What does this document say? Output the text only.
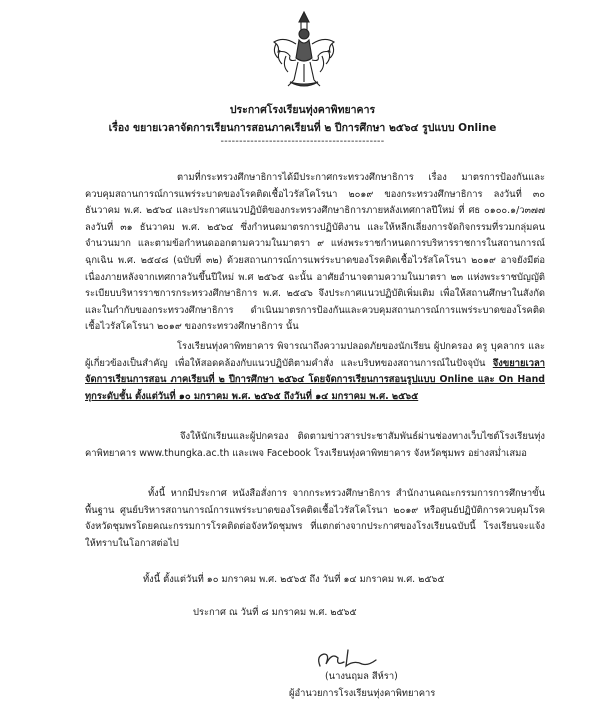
ประกาศโรงเรียนทุ่งคาพิทยาคาร
เรื่อง ขยายเวลาจัดการเรียนการสอนภาคเรียนที่ ๒ ปีการศึกษา ๒๕๖๔ รูปแบบ Online
--------------------------------------------
ตามที่กระทรวงศึกษาธิการได้มีประกาศกระทรวงศึกษาธิการ เรื่อง มาตรการป้องกันและควบคุมสถานการณ์การแพร่ระบาดของโรคติดเชื้อไวรัสโคโรนา ๒๐๑๙ ของกระทรวงศึกษาธิการ ลงวันที่ ๓๐ ธันวาคม พ.ศ. ๒๕๖๔ และประกาศแนวปฏิบัติของกระทรวงศึกษาธิการภายหลังเทศกาลปีใหม่ ที่ ศธ ๐๑๐๐.๑/ว๓๗๗ ลงวันที่ ๓๑ ธันวาคม พ.ศ. ๒๕๖๔ ซึ่งกำหนดมาตรการปฏิบัติงาน และให้หลีกเลี่ยงการจัดกิจกรรมที่รวมกลุ่มคนจำนวนมาก และตามข้อกำหนดออกตามความในมาตรา ๙ แห่งพระราชกำหนดการบริหารราชการในสถานการณ์ฉุกเฉิน พ.ศ. ๒๕๔๘ (ฉบับที่ ๓๒) ด้วยสถานการณ์การแพร่ระบาดของโรคติดเชื้อไวรัสโคโรนา ๒๐๑๙ อาจยังมีต่อเนื่องภายหลังจากเทศกาลวันขึ้นปีใหม่ พ.ศ ๒๕๖๕ ฉะนั้น อาศัยอำนาจตามความในมาตรา ๒๓ แห่งพระราชบัญญัติระเบียบบริหารราชการกระทรวงศึกษาธิการ พ.ศ. ๒๕๔๖ จึงประกาศแนวปฏิบัติเพิ่มเติม เพื่อให้สถานศึกษาในสังกัดและในกำกับของกระทรวงศึกษาธิการ ดำเนินมาตรการป้องกันและควบคุมสถานการณ์การแพร่ระบาดของโรคติดเชื้อไวรัสโคโรนา ๒๐๑๙ ของกระทรวงศึกษาธิการ นั้น
โรงเรียนทุ่งคาพิทยาคาร พิจารณาถึงความปลอดภัยของนักเรียน ผู้ปกครอง ครู บุคลากร และผู้เกี่ยวข้องเป็นสำคัญ เพื่อให้สอดคล้องกับแนวปฏิบัติตามคำสั่ง และบริบทของสถานการณ์ในปัจจุบัน จึงขยายเวลาจัดการเรียนการสอน ภาคเรียนที่ ๒ ปีการศึกษา ๒๕๖๔ โดยจัดการเรียนการสอนรูปแบบ Online และ On Hand ทุกระดับชั้น ตั้งแต่วันที่ ๑๐ มกราคม พ.ศ. ๒๕๖๕ ถึงวันที่ ๑๔ มกราคม พ.ศ. ๒๕๖๕
จึงให้นักเรียนและผู้ปกครอง ติดตามข่าวสารประชาสัมพันธ์ผ่านช่องทางเว็บไซต์โรงเรียนทุ่งคาพิทยาคาร www.thungka.ac.th และเพจ Facebook โรงเรียนทุ่งคาพิทยาคาร จังหวัดชุมพร อย่างสม่ำเสมอ
ทั้งนี้ หากมีประกาศ หนังสือสั่งการ จากกระทรวงศึกษาธิการ สำนักงานคณะกรรมการการศึกษาขั้นพื้นฐาน ศูนย์บริหารสถานการณ์การแพร่ระบาดของโรคติดเชื้อไวรัสโคโรนา ๒๐๑๙ หรือศูนย์ปฏิบัติการควบคุมโรคจังหวัดชุมพรโดยคณะกรรมการโรคติดต่อจังหวัดชุมพร ที่แตกต่างจากประกาศของโรงเรียนฉบับนี้ โรงเรียนจะแจ้งให้ทราบในโอกาสต่อไป
ทั้งนี้ ตั้งแต่วันที่ ๑๐ มกราคม พ.ศ. ๒๕๖๕ ถึง วันที่ ๑๔ มกราคม พ.ศ. ๒๕๖๕
ประกาศ ณ วันที่ ๘ มกราคม พ.ศ. ๒๕๖๕
(นางนฤมล สีห์รา)
ผู้อำนวยการโรงเรียนทุ่งคาพิทยาคาร
